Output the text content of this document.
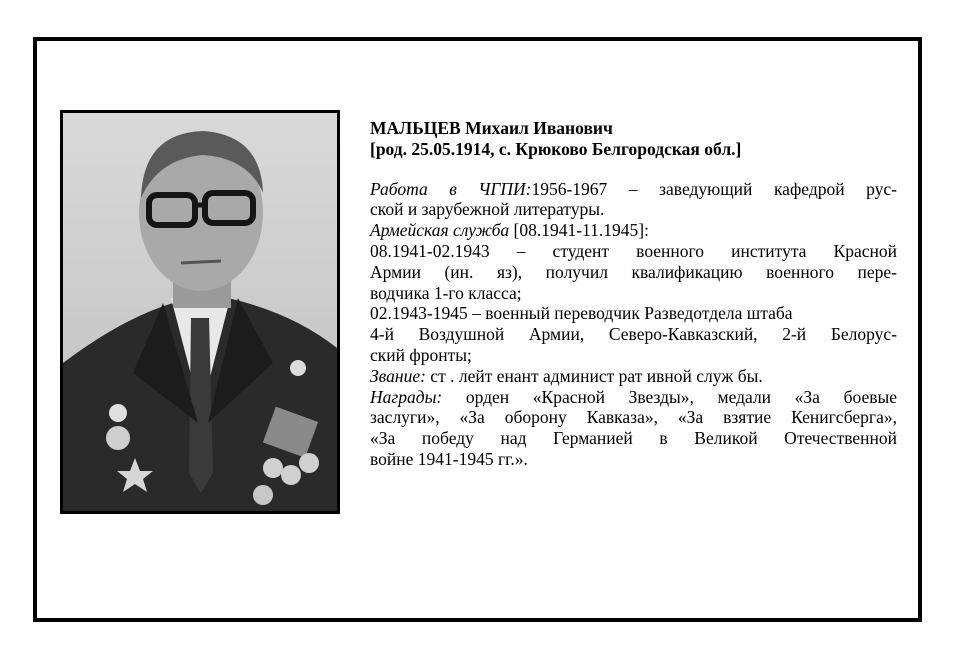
МАЛЬЦЕВ Михаил Иванович

[род. 25.05.1914, с. Крюково Белгородская обл.]

Работа в ЧГПИ:1956-1967 – заведующий кафедрой рус-

ской и зарубежной литературы.

Армейская служба [08.1941-11.1945]:

08.1941-02.1943 – студент военного института Красной

Армии (ин. яз), получил квалификацию военного пере-

водчика 1-го класса;

02.1943-1945 – военный переводчик Разведотдела штаба

4-й Воздушной Армии, Северо-Кавказский, 2-й Белорус-

ский фронты;

Звание: ст . лейт енант админист рат ивной служ бы.

Награды: орден «Красной Звезды», медали «За боевые

заслуги», «За оборону Кавказа», «За взятие Кенигсберга»,

«За победу над Германией в Великой Отечественной

войне 1941-1945 гг.».
